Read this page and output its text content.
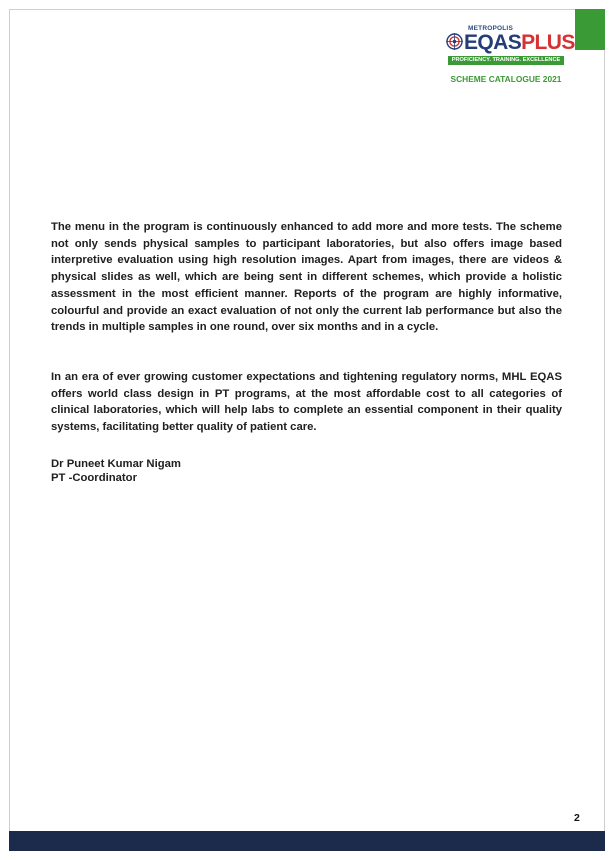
METROPOLIS
EQASPLUS
PROFICIENCY. TRAINING. EXCELLENCE
SCHEME CATALOGUE 2021

The menu in the program is continuously enhanced to add more and more tests. The scheme not only sends physical samples to participant laboratories, but also offers image based interpretive evaluation using high resolution images. Apart from images, there are videos & physical slides as well, which are being sent in different schemes, which provide a holistic assessment in the most efficient manner. Reports of the program are highly informative, colourful and provide an exact evaluation of not only the current lab performance but also the trends in multiple samples in one round, over six months and in a cycle.

In an era of ever growing customer expectations and tightening regulatory norms, MHL EQAS offers world class design in PT programs, at the most affordable cost to all categories of clinical laboratories, which will help labs to complete an essential component in their quality systems, facilitating better quality of patient care.

Dr Puneet Kumar Nigam
PT -Coordinator
2
